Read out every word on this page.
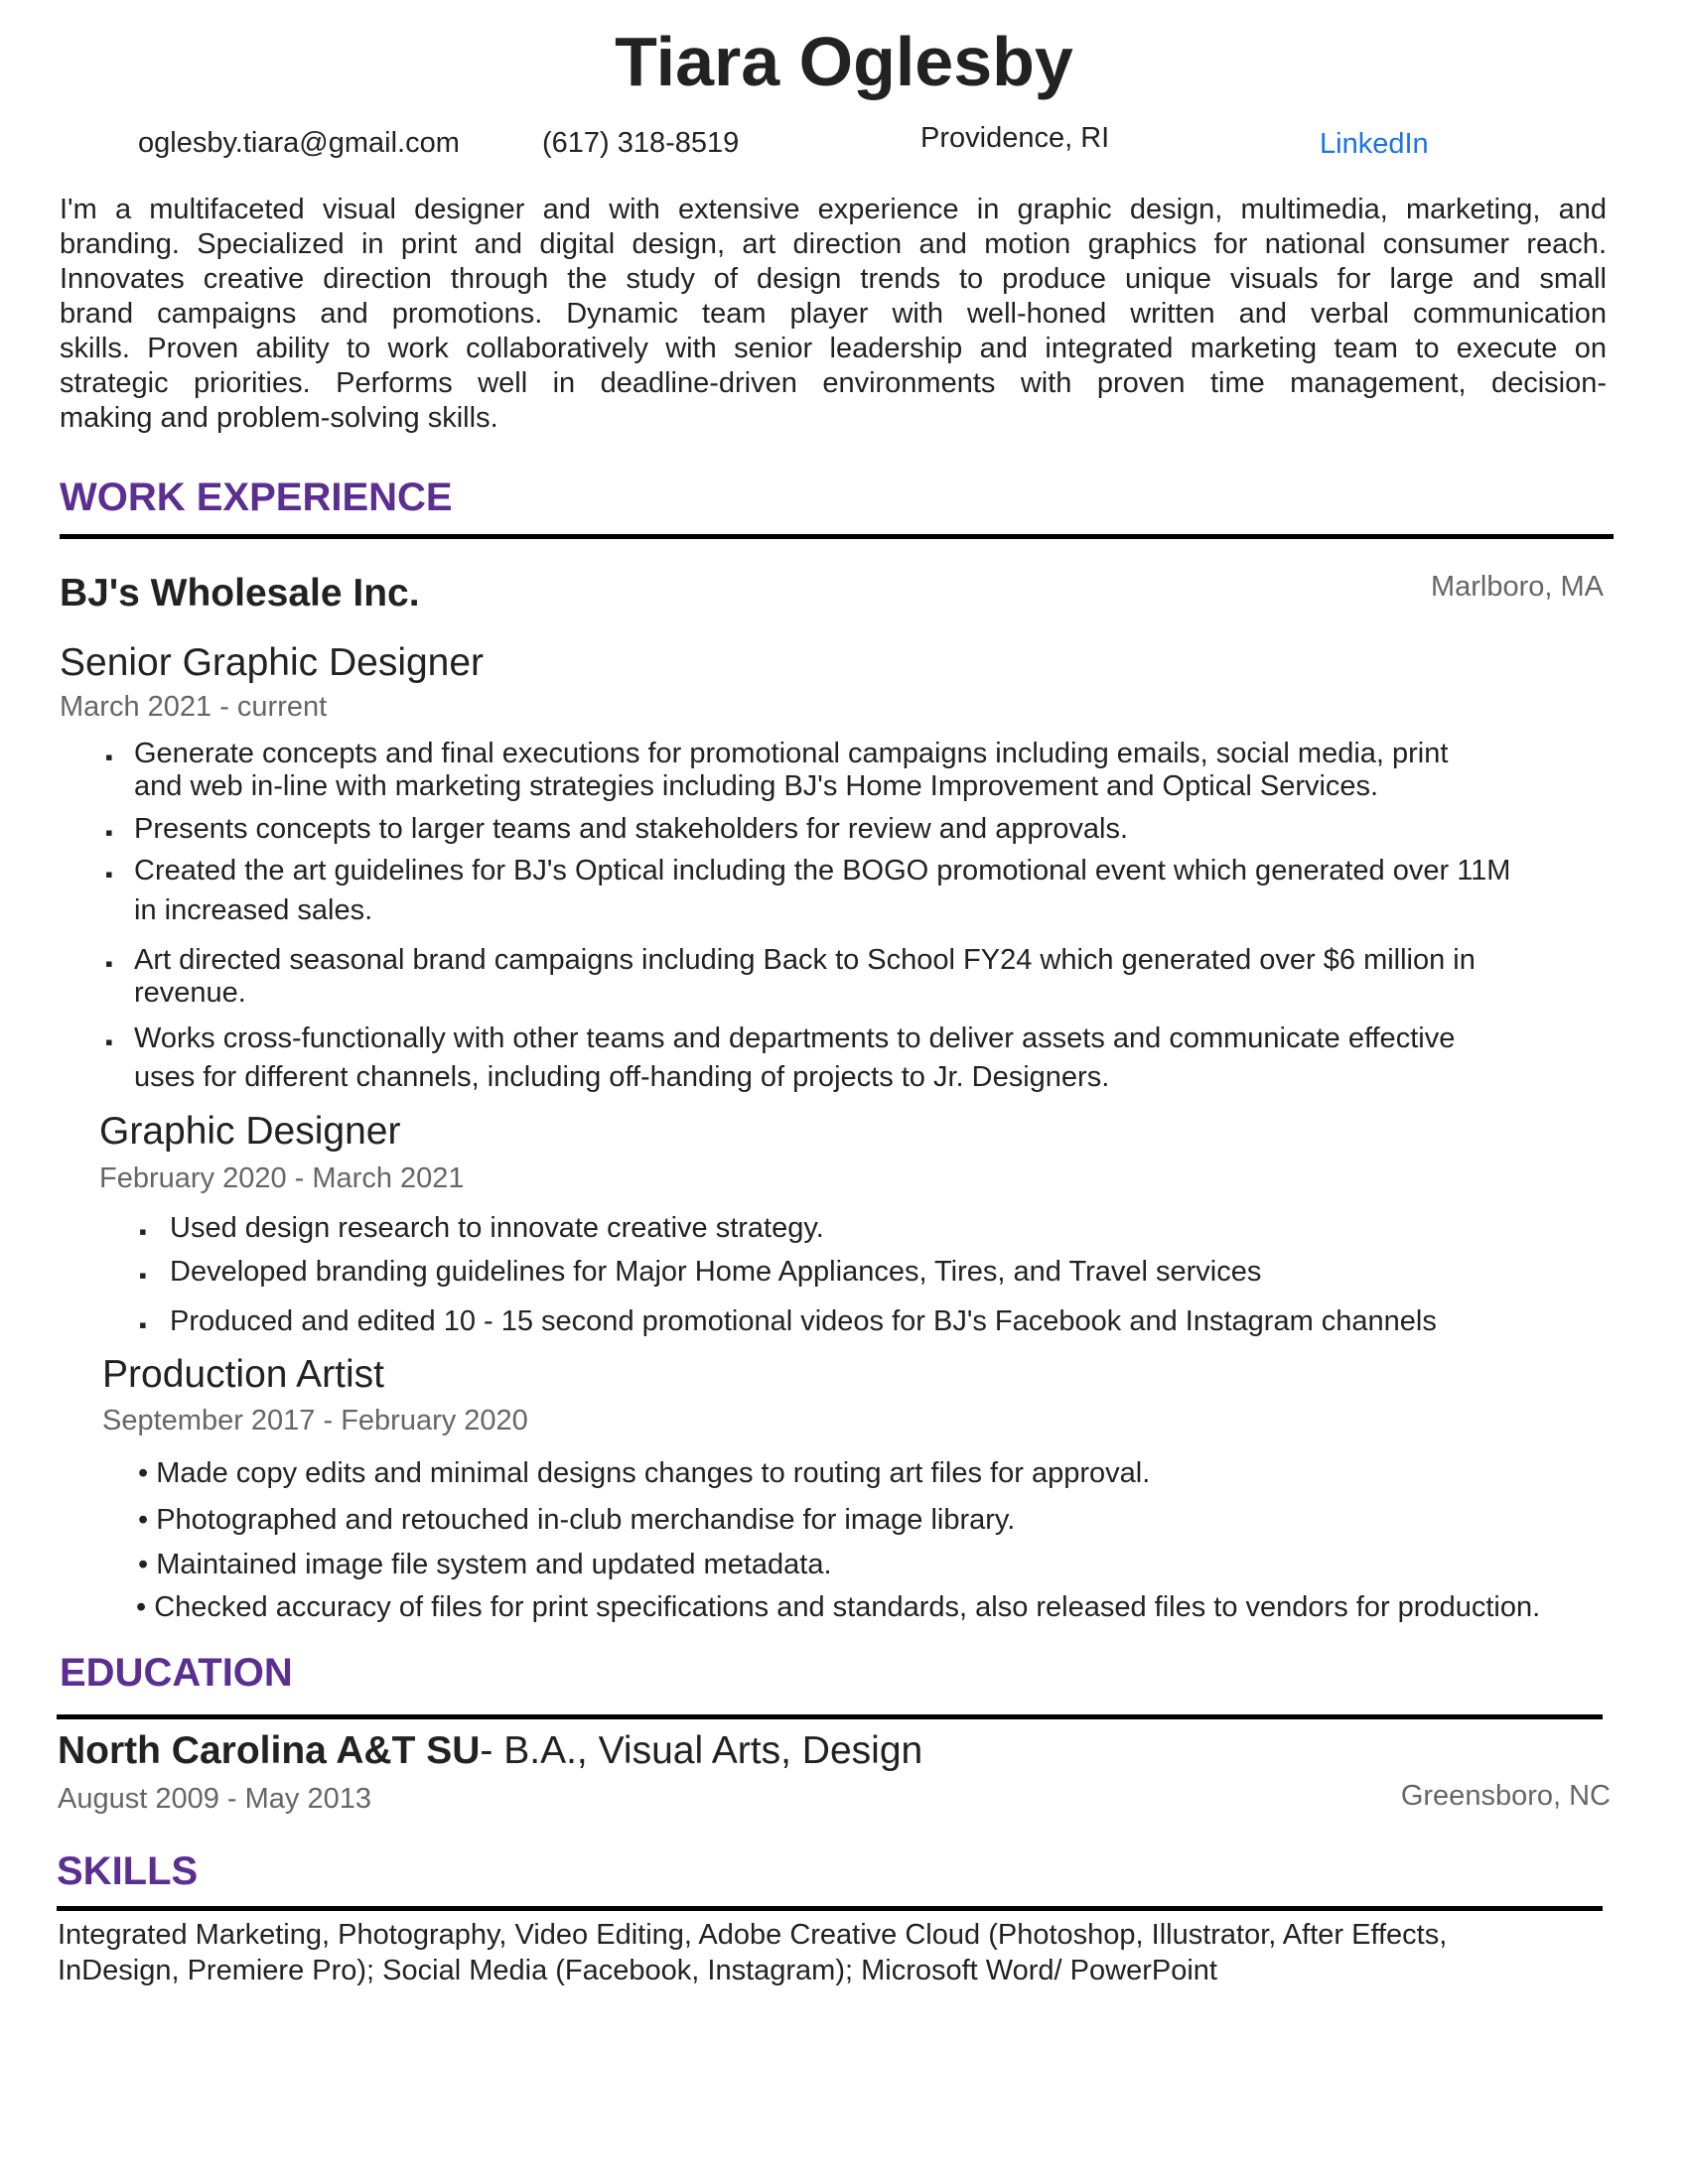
Tiara Oglesby
oglesby.tiara@gmail.com	(617) 318-8519	Providence, RI	LinkedIn
I'm a multifaceted visual designer and with extensive experience in graphic design, multimedia, marketing, and
branding. Specialized in print and digital design, art direction and motion graphics for national consumer reach.
Innovates creative direction through the study of design trends to produce unique visuals for large and small
brand campaigns and promotions. Dynamic team player with well-honed written and verbal communication
skills. Proven ability to work collaboratively with senior leadership and integrated marketing team to execute on
strategic priorities. Performs well in deadline-driven environments with proven time management, decision-
making and problem-solving skills.
WORK EXPERIENCE
BJ's Wholesale Inc.	Marlboro, MA
Senior Graphic Designer
March 2021 - current
▪ Generate concepts and final executions for promotional campaigns including emails, social media, print
and web in-line with marketing strategies including BJ's Home Improvement and Optical Services.
▪ Presents concepts to larger teams and stakeholders for review and approvals.
▪ Created the art guidelines for BJ's Optical including the BOGO promotional event which generated over 11M
in increased sales.
▪ Art directed seasonal brand campaigns including Back to School FY24 which generated over $6 million in
revenue.
▪ Works cross-functionally with other teams and departments to deliver assets and communicate effective
uses for different channels, including off-handing of projects to Jr. Designers.
Graphic Designer
February 2020 - March 2021
▪ Used design research to innovate creative strategy.
▪ Developed branding guidelines for Major Home Appliances, Tires, and Travel services
▪ Produced and edited 10 - 15 second promotional videos for BJ's Facebook and Instagram channels
Production Artist
September 2017 - February 2020
• Made copy edits and minimal designs changes to routing art files for approval.
• Photographed and retouched in-club merchandise for image library.
• Maintained image file system and updated metadata.
• Checked accuracy of files for print specifications and standards, also released files to vendors for production.
EDUCATION
North Carolina A&T SU- B.A., Visual Arts, Design
August 2009 - May 2013	Greensboro, NC
SKILLS
Integrated Marketing, Photography, Video Editing, Adobe Creative Cloud (Photoshop, Illustrator, After Effects,
InDesign, Premiere Pro); Social Media (Facebook, Instagram); Microsoft Word/ PowerPoint
